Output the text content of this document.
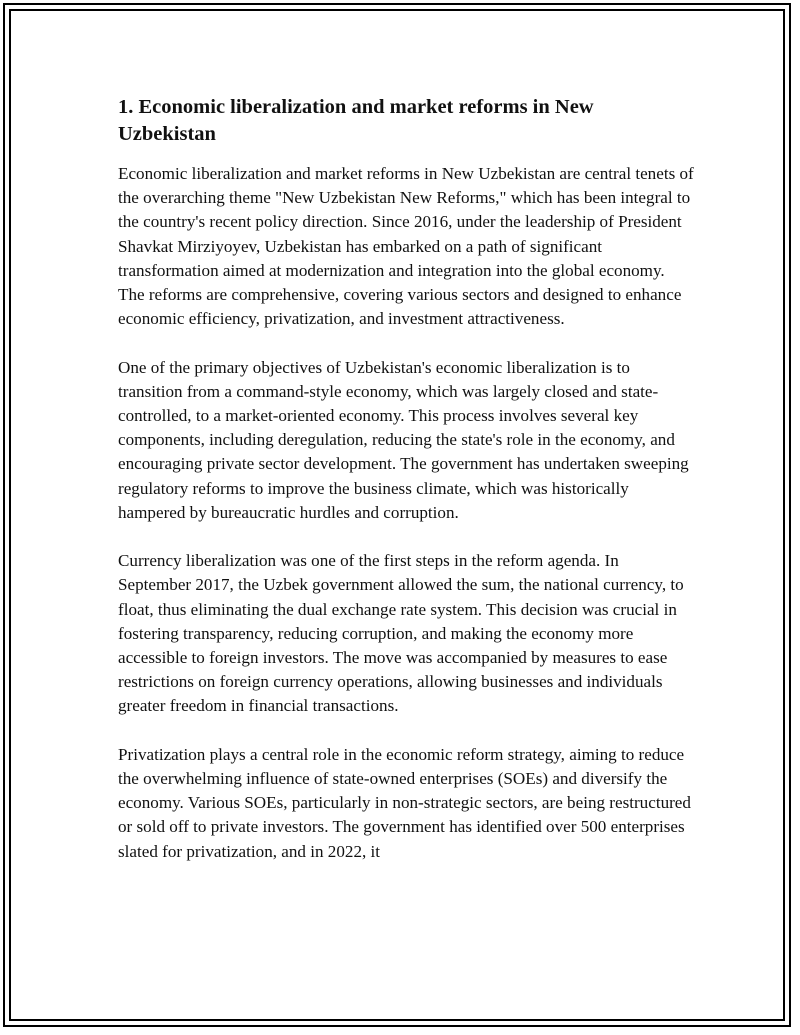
1. Economic liberalization and market reforms in New Uzbekistan

Economic liberalization and market reforms in New Uzbekistan are central tenets of the overarching theme "New Uzbekistan New Reforms," which has been integral to the country's recent policy direction. Since 2016, under the leadership of President Shavkat Mirziyoyev, Uzbekistan has embarked on a path of significant transformation aimed at modernization and integration into the global economy. The reforms are comprehensive, covering various sectors and designed to enhance economic efficiency, privatization, and investment attractiveness.

One of the primary objectives of Uzbekistan's economic liberalization is to transition from a command-style economy, which was largely closed and state-controlled, to a market-oriented economy. This process involves several key components, including deregulation, reducing the state's role in the economy, and encouraging private sector development. The government has undertaken sweeping regulatory reforms to improve the business climate, which was historically hampered by bureaucratic hurdles and corruption.

Currency liberalization was one of the first steps in the reform agenda. In September 2017, the Uzbek government allowed the sum, the national currency, to float, thus eliminating the dual exchange rate system. This decision was crucial in fostering transparency, reducing corruption, and making the economy more accessible to foreign investors. The move was accompanied by measures to ease restrictions on foreign currency operations, allowing businesses and individuals greater freedom in financial transactions.

Privatization plays a central role in the economic reform strategy, aiming to reduce the overwhelming influence of state-owned enterprises (SOEs) and diversify the economy. Various SOEs, particularly in non-strategic sectors, are being restructured or sold off to private investors. The government has identified over 500 enterprises slated for privatization, and in 2022, it
